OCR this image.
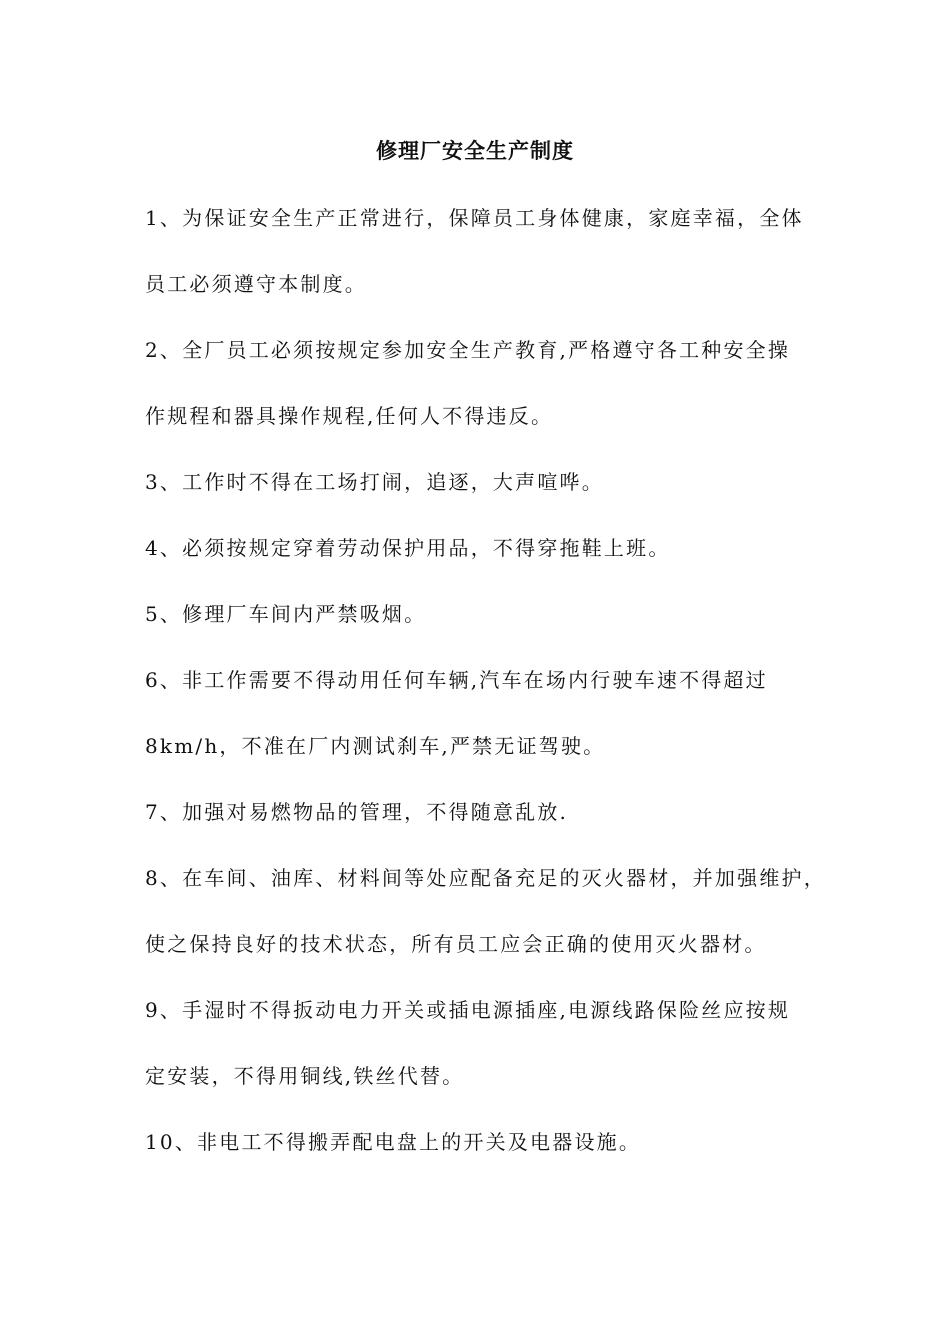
修理厂安全生产制度
1、为保证安全生产正常进行，保障员工身体健康，家庭幸福，全体
员工必须遵守本制度。
2、全厂员工必须按规定参加安全生产教育,严格遵守各工种安全操
作规程和器具操作规程,任何人不得违反。
3、工作时不得在工场打闹，追逐，大声喧哗。
4、必须按规定穿着劳动保护用品，不得穿拖鞋上班。
5、修理厂车间内严禁吸烟。
6、非工作需要不得动用任何车辆,汽车在场内行驶车速不得超过
8km/h，不准在厂内测试刹车,严禁无证驾驶。
7、加强对易燃物品的管理，不得随意乱放.
8、在车间、油库、材料间等处应配备充足的灭火器材，并加强维护，
使之保持良好的技术状态，所有员工应会正确的使用灭火器材。
9、手湿时不得扳动电力开关或插电源插座,电源线路保险丝应按规
定安装，不得用铜线,铁丝代替。
10、非电工不得搬弄配电盘上的开关及电器设施。
